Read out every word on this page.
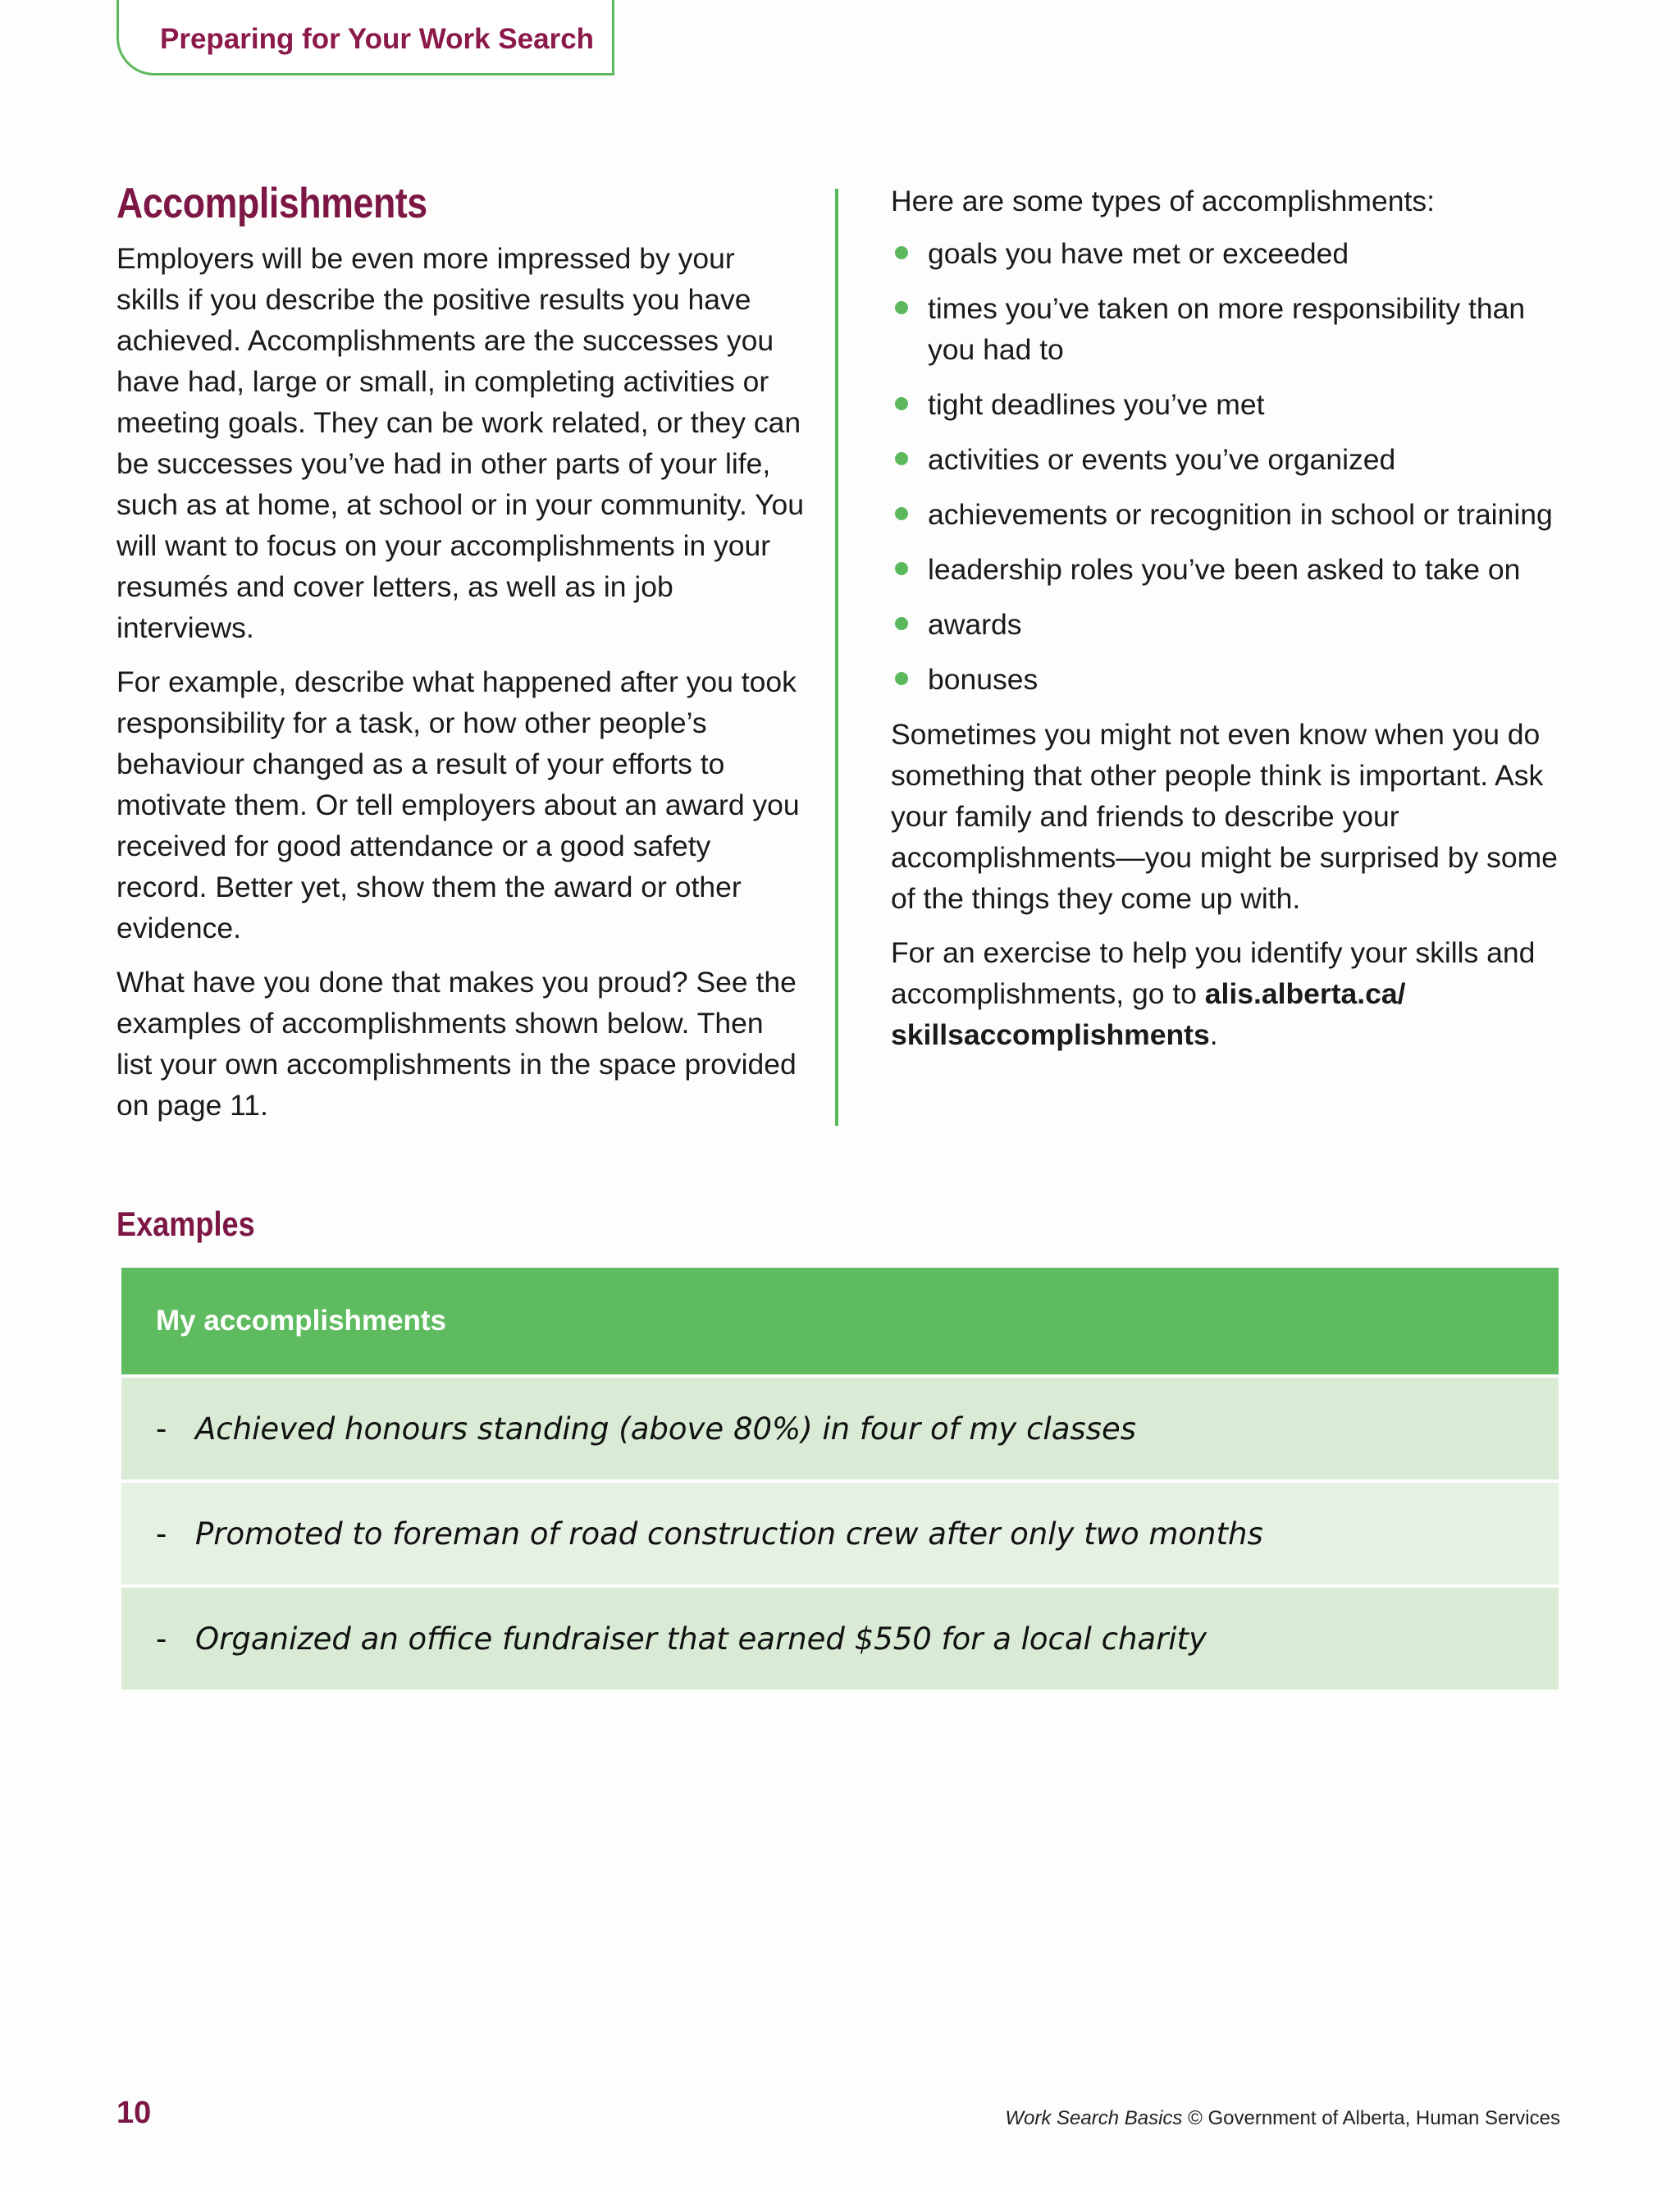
Preparing for Your Work Search
Accomplishments

Employers will be even more impressed by your skills if you describe the positive results you have achieved. Accomplishments are the successes you have had, large or small, in completing activities or meeting goals. They can be work related, or they can be successes you’ve had in other parts of your life, such as at home, at school or in your community. You will want to focus on your accomplishments in your resumés and cover letters, as well as in job interviews.

For example, describe what happened after you took responsibility for a task, or how other people’s behaviour changed as a result of your efforts to motivate them. Or tell employers about an award you received for good attendance or a good safety record. Better yet, show them the award or other evidence.

What have you done that makes you proud? See the examples of accomplishments shown below. Then list your own accomplishments in the space provided on page 11.

Here are some types of accomplishments:

goals you have met or exceeded
times you’ve taken on more responsibility than you had to
tight deadlines you’ve met
activities or events you’ve organized
achievements or recognition in school or training
leadership roles you’ve been asked to take on
awards
bonuses

Sometimes you might not even know when you do something that other people think is important. Ask your family and friends to describe your accomplishments—you might be surprised by some of the things they come up with.

For an exercise to help you identify your skills and accomplishments, go to alis.alberta.ca/ skillsaccomplishments.

Examples
My accomplishments
- Achieved honours standing (above 80%) in four of my classes
- Promoted to foreman of road construction crew after only two months
- Organized an office fundraiser that earned $550 for a local charity
10	Work Search Basics © Government of Alberta, Human Services
